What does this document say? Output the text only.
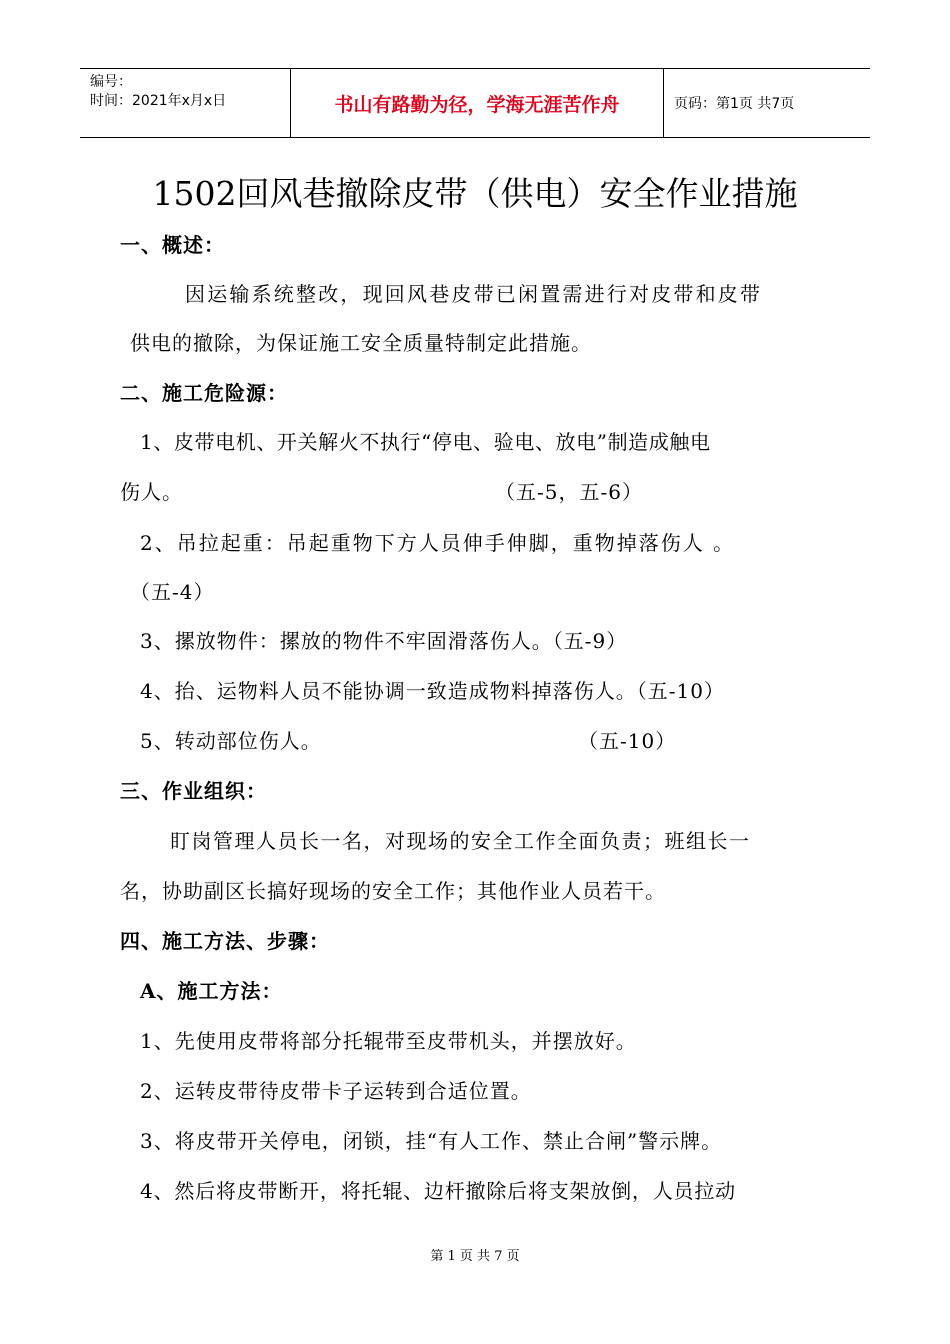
编号：
时间：2021年x月x日	书山有路勤为径，学海无涯苦作舟	页码：第1页 共7页
1502回风巷撤除皮带（供电）安全作业措施
一、概述：
因运输系统整改，现回风巷皮带已闲置需进行对皮带和皮带
供电的撤除，为保证施工安全质量特制定此措施。
二、施工危险源：
1、皮带电机、开关解火不执行“停电、验电、放电”制造成触电
伤人。	（五-5，五-6）
2、吊拉起重：吊起重物下方人员伸手伸脚，重物掉落伤人 。
（五-4）
3、摞放物件：摞放的物件不牢固滑落伤人。（五-9）
4、抬、运物料人员不能协调一致造成物料掉落伤人。（五-10）
5、转动部位伤人。	（五-10）
三、作业组织：
盯岗管理人员长一名，对现场的安全工作全面负责；班组长一
名，协助副区长搞好现场的安全工作；其他作业人员若干。
四、施工方法、步骤：
A、施工方法：
1、先使用皮带将部分托辊带至皮带机头，并摆放好。
2、运转皮带待皮带卡子运转到合适位置。
3、将皮带开关停电，闭锁，挂“有人工作、禁止合闸”警示牌。
4、然后将皮带断开，将托辊、边杆撤除后将支架放倒，人员拉动
第 1 页 共 7 页
